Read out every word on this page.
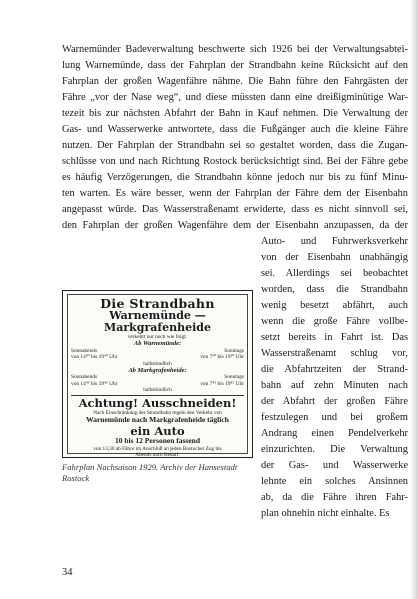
Warnemünder Badeverwaltung beschwerte sich 1926 bei der Verwaltungsabtei-
lung Warnemünde, dass der Fahrplan der Strandbahn keine Rücksicht auf den
Fahrplan der großen Wagenfähre nähme. Die Bahn führe den Fahrgästen der
Fähre „vor der Nase weg“, und diese müssten dann eine dreißigminütige War-
tezeit bis zur nächsten Abfahrt der Bahn in Kauf nehmen. Die Verwaltung der
Gas- und Wasserwerke antwortete, dass die Fußgänger auch die kleine Fähre
nutzen. Der Fahrplan der Strandbahn sei so gestaltet worden, dass die Zugan-
schlüsse von und nach Richtung Rostock berücksichtigt sind. Bei der Fähre gebe
es häufig Verzögerungen, die Strandbahn könne jedoch nur bis zu fünf Minu-
ten warten. Es wäre besser, wenn der Fahrplan der Fähre dem der Eisenbahn
angepasst würde. Das Wasserstraßenamt erwiderte, dass es nicht sinnvoll sei,
den Fahrplan der großen Wagenfähre dem der Eisenbahn anzupassen, da der
Auto- und Fuhrwerksverkehr
von der Eisenbahn unabhängig
sei. Allerdings sei beobachtet
worden, dass die Strandbahn
wenig besetzt abfährt, auch
wenn die große Fähre vollbe-
setzt bereits in Fahrt ist. Das
Wasserstraßenamt schlug vor,
die Abfahrtzeiten der Strand-
bahn auf zehn Minuten nach
der Abfahrt der großen Fähre
festzulegen und bei großem
Andrang einen Pendelverkehr
einzurichten. Die Verwaltung
der Gas- und Wasserwerke
lehnte ein solches Ansinnen
ab, da die Fähre ihren Fahr-
plan ohnehin nicht einhalte. Es
Die Strandbahn
Warnemünde — Markgrafenheide
verkehrt nur noch wie folgt:
Ab Warnemünde:
Sonnabends	Sonntags
von 14³⁰ bis 19³⁰ Uhr	von 7³⁰ bis 19³⁰ Uhr
halbstündlich
Ab Markgrafenheide:
Sonnabends	Sonntags
von 14⁴⁵ bis 19⁴⁵ Uhr	von 7⁴⁵ bis 19⁴⁵ Uhr
halbstündlich
Achtung! Ausschneiden!
Nach Einschränkung der Strandbahn regeln den Verkehr von
Warnemünde nach Markgrafenheide täglich
ein Auto
10 bis 12 Personen fassend
von 13,30 ab Fähre im Anschluß an jeden Rostocker Zug bis
Abends nach Bedarf.
Fahrplan Nachsaison 1929. Archiv der Hansestadt
Rostock
34
